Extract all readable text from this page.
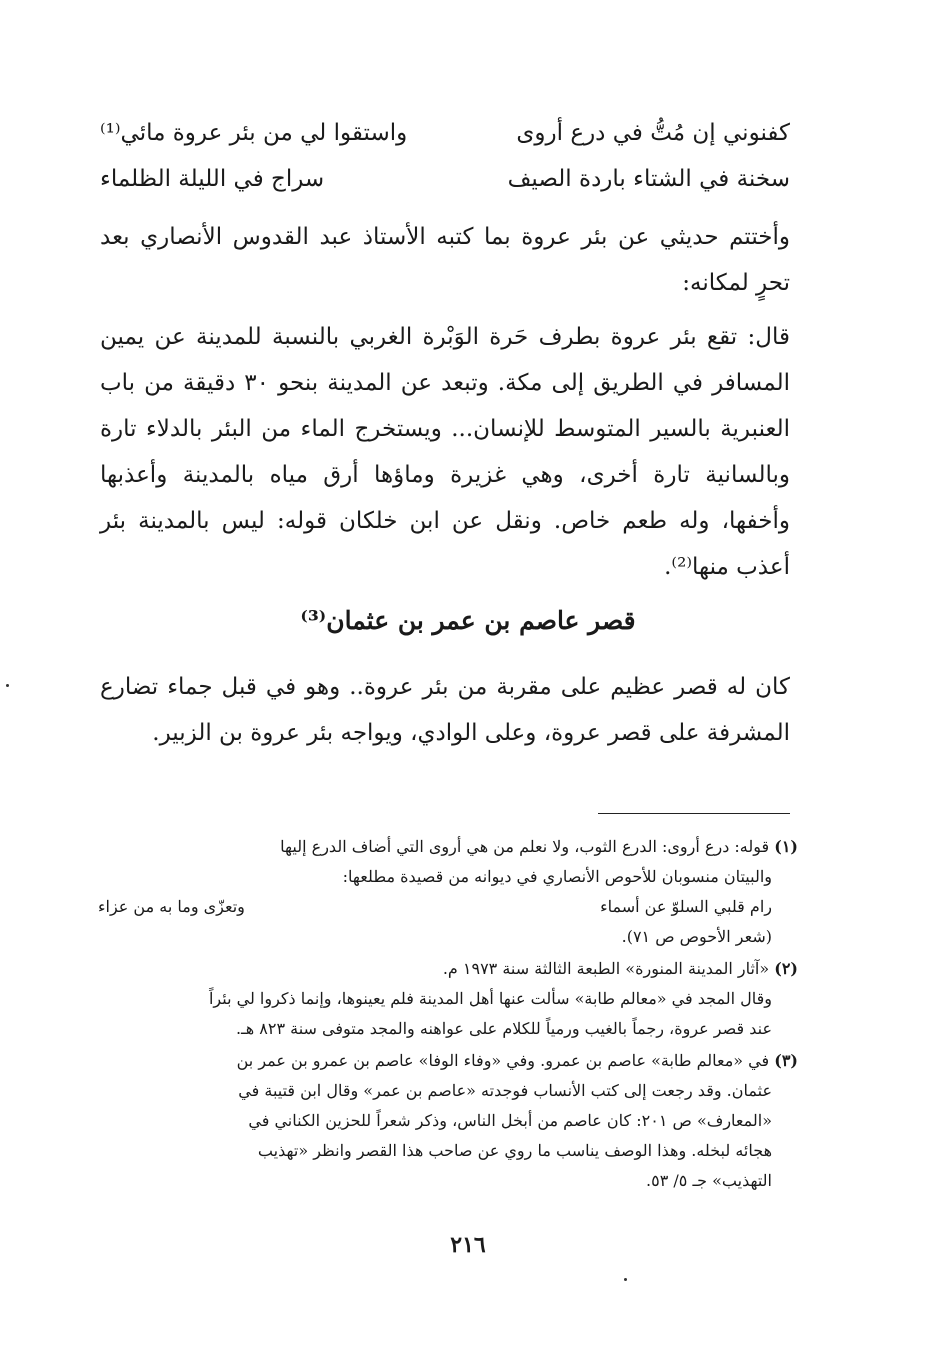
كفنوني إن مُتُّ في درع أروى
واستقوا لي من بئر عروة مائي⁽¹⁾
سخنة في الشتاء باردة الصيف
سراج في الليلة الظلماء

وأختتم حديثي عن بئر عروة بما كتبه الأستاذ عبد القدوس الأنصاري بعد تحرٍ لمكانه:

قال: تقع بئر عروة بطرف حَرة الوَبْرة الغربي بالنسبة للمدينة عن يمين المسافر في الطريق إلى مكة. وتبعد عن المدينة بنحو ٣٠ دقيقة من باب العنبرية بالسير المتوسط للإنسان... ويستخرج الماء من البئر بالدلاء تارة وبالسانية تارة أخرى، وهي غزيرة وماؤها أرق مياه بالمدينة وأعذبها وأخفها، وله طعم خاص. ونقل عن ابن خلكان قوله: ليس بالمدينة بئر أعذب منها⁽²⁾.

قصر عاصم بن عمر بن عثمان⁽³⁾

كان له قصر عظيم على مقربة من بئر عروة.. وهو في قبل جماء تضارع المشرفة على قصر عروة، وعلى الوادي، ويواجه بئر عروة بن الزبير.

(١) قوله: درع أروى: الدرع الثوب، ولا نعلم من هي أروى التي أضاف الدرع إليها
والبيتان منسوبان للأحوص الأنصاري في ديوانه من قصيدة مطلعها:
رام قلبي السلوّ عن أسماء
وتعزّى وما به من عزاء
(شعر الأحوص ص ٧١).
(٢) «آثار المدينة المنورة» الطبعة الثالثة سنة ١٩٧٣ م.
وقال المجد في «معالم طابة» سألت عنها أهل المدينة فلم يعينوها، وإنما ذكروا لي بئراً
عند قصر عروة، رجماً بالغيب ورمياً للكلام على عواهنه والمجد متوفى سنة ٨٢٣ هـ.
(٣) في «معالم طابة» عاصم بن عمرو. وفي «وفاء الوفا» عاصم بن عمرو بن عمر بن
عثمان. وقد رجعت إلى كتب الأنساب فوجدته «عاصم بن عمر» وقال ابن قتيبة في
«المعارف» ص ٢٠١: كان عاصم من أبخل الناس، وذكر شعراً للحزين الكناني في
هجائه لبخله. وهذا الوصف يناسب ما روي عن صاحب هذا القصر وانظر «تهذيب
التهذيب» جـ ٥/ ٥٣.
٢١٦
